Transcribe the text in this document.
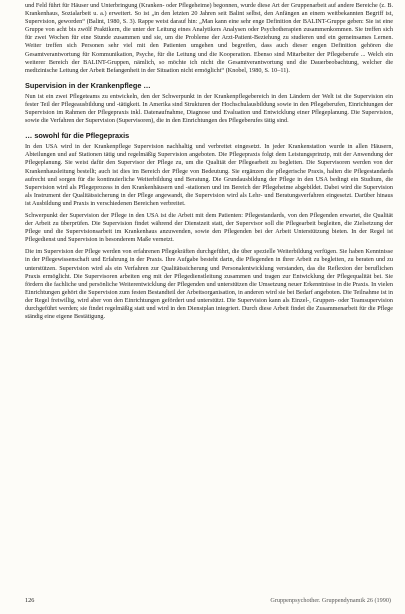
und Feld führt für Häuser und Unterbringung (Kranken- oder Pflegeheime) begonnen, wurde diese Art der Gruppenarbeit auf andere Bereiche (z. B. Krankenhaus, Sozialarbeit u. a.) erweitert. So ist „in den letzten 20 Jahren seit Balint selbst, den Anfängen an einem weitbekannten Begriff ist, Supervision, geworden“ (Balint, 1980, S. 3). Rappe weist darauf hin: „Man kann eine sehr enge Definition der BALINT-Gruppe geben: Sie ist eine Gruppe von acht bis zwölf Praktikern, die unter der Leitung eines Analytikers Analysen oder Psychotherapien zusammenkommen. Sie treffen sich für zwei Wochen für eine Stunde zusammen und sie, um die Probleme der Arzt-Patient-Beziehung zu studieren und ein gemeinsames Lernen. Weiter treffen sich Personen sehr viel mit den Patienten umgehen und begreifen, dass auch dieser engen Definition gehören die Gesamtverantwortung für Kommunikation, Psyche, für die Leitung und die Kooperation. Ebenso sind Mitarbeiter der Pflegeberufe ... Welch ein weiterer Bereich der BALINT-Gruppen, nämlich, so möchte ich nicht die Gesamtverantwortung und die Dauerbeobachtung, welcher die medizinische Leitung der Arbeit Befangenheit in der Situation nicht ermöglicht“ (Knobel, 1980, S. 10–11).

Supervision in der Krankenpflege …

Nun ist ein zwei Pflegeteams zu entwickeln, den der Schwerpunkt in der Krankenpflegebereich in den Ländern der Welt ist die Supervision ein fester Teil der Pflegeausbildung und -tätigkeit. In Amerika sind Strukturen der Hochschulausbildung sowie in den Pflegeberufen, Einrichtungen der Supervision im Rahmen der Pflegepraxis inkl. Datenaufnahme, Diagnose und Evaluation und Entwicklung einer Pflegeplanung. Die Supervision, sowie die Verfahren der Supervision (Supervisoren), die in den Einrichtungen des Pflegeberufes tätig sind.

… sowohl für die Pflegepraxis

In den USA wird in der Krankenpflege Supervision nachhaltig und verbreitet eingesetzt. In jeder Krankenstation wurde in allen Häusern, Abteilungen und auf Stationen tätig und regelmäßig Supervision angeboten. Die Pflegepraxis folgt dem Leistungsprinzip, mit der Anwendung der Pflegeplanung. Sie weist dafür den Supervisor der Pflege zu, um die Qualität der Pflegearbeit zu begleiten. Die Supervisoren werden von der Krankenhausleitung bestellt; auch ist dies im Bereich der Pflege von Bedeutung. Sie ergänzen die pflegerische Praxis, halten die Pflegestandards aufrecht und sorgen für die kontinuierliche Weiterbildung und Beratung. Die Grundausbildung der Pflege in den USA bedingt ein Studium, die Supervision wird als Pflegeprozess in den Krankenhäusern und -stationen und im Bereich der Pflegeheime abgebildet. Dabei wird die Supervision als Instrument der Qualitätssicherung in der Pflege angewandt, die Supervision wird als Lehr- und Beratungsverfahren eingesetzt. Darüber hinaus ist Ausbildung und Praxis in verschiedenen Bereichen verbreitet.

Schwerpunkt der Supervision der Pflege in den USA ist die Arbeit mit dem Patienten: Pflegestandards, von den Pflegenden erwartet, die Qualität der Arbeit zu überprüfen. Die Supervision findet während der Dienstzeit statt, der Supervisor soll die Pflegearbeit begleiten, die Zielsetzung der Pflege und die Supervisionsarbeit im Krankenhaus anzuwenden, sowie den Pflegenden bei der Arbeit Unterstützung bieten. In der Regel ist Pflegedienst und Supervision in besonderem Maße vernetzt.

Die im Supervision der Pflege werden von erfahrenen Pflegekräften durchgeführt, die über spezielle Weiterbildung verfügen. Sie haben Kenntnisse in der Pflegewissenschaft und Erfahrung in der Praxis. Ihre Aufgabe besteht darin, die Pflegenden in ihrer Arbeit zu begleiten, zu beraten und zu unterstützen. Supervision wird als ein Verfahren zur Qualitätssicherung und Personalentwicklung verstanden, das die Reflexion der beruflichen Praxis ermöglicht. Die Supervisoren arbeiten eng mit der Pflegedienstleitung zusammen und tragen zur Entwicklung der Pflegequalität bei. Sie fördern die fachliche und persönliche Weiterentwicklung der Pflegenden und unterstützen die Umsetzung neuer Erkenntnisse in die Praxis. In vielen Einrichtungen gehört die Supervision zum festen Bestandteil der Arbeitsorganisation, in anderen wird sie bei Bedarf angeboten. Die Teilnahme ist in der Regel freiwillig, wird aber von den Einrichtungen gefördert und unterstützt. Die Supervision kann als Einzel-, Gruppen- oder Teamsupervision durchgeführt werden; sie findet regelmäßig statt und wird in den Dienstplan integriert. Durch diese Arbeit findet die Zusammenarbeit für die Pflege ständig eine eigene Bestätigung.

126	Gruppenpsychother. Gruppendynamik 26 (1990)
